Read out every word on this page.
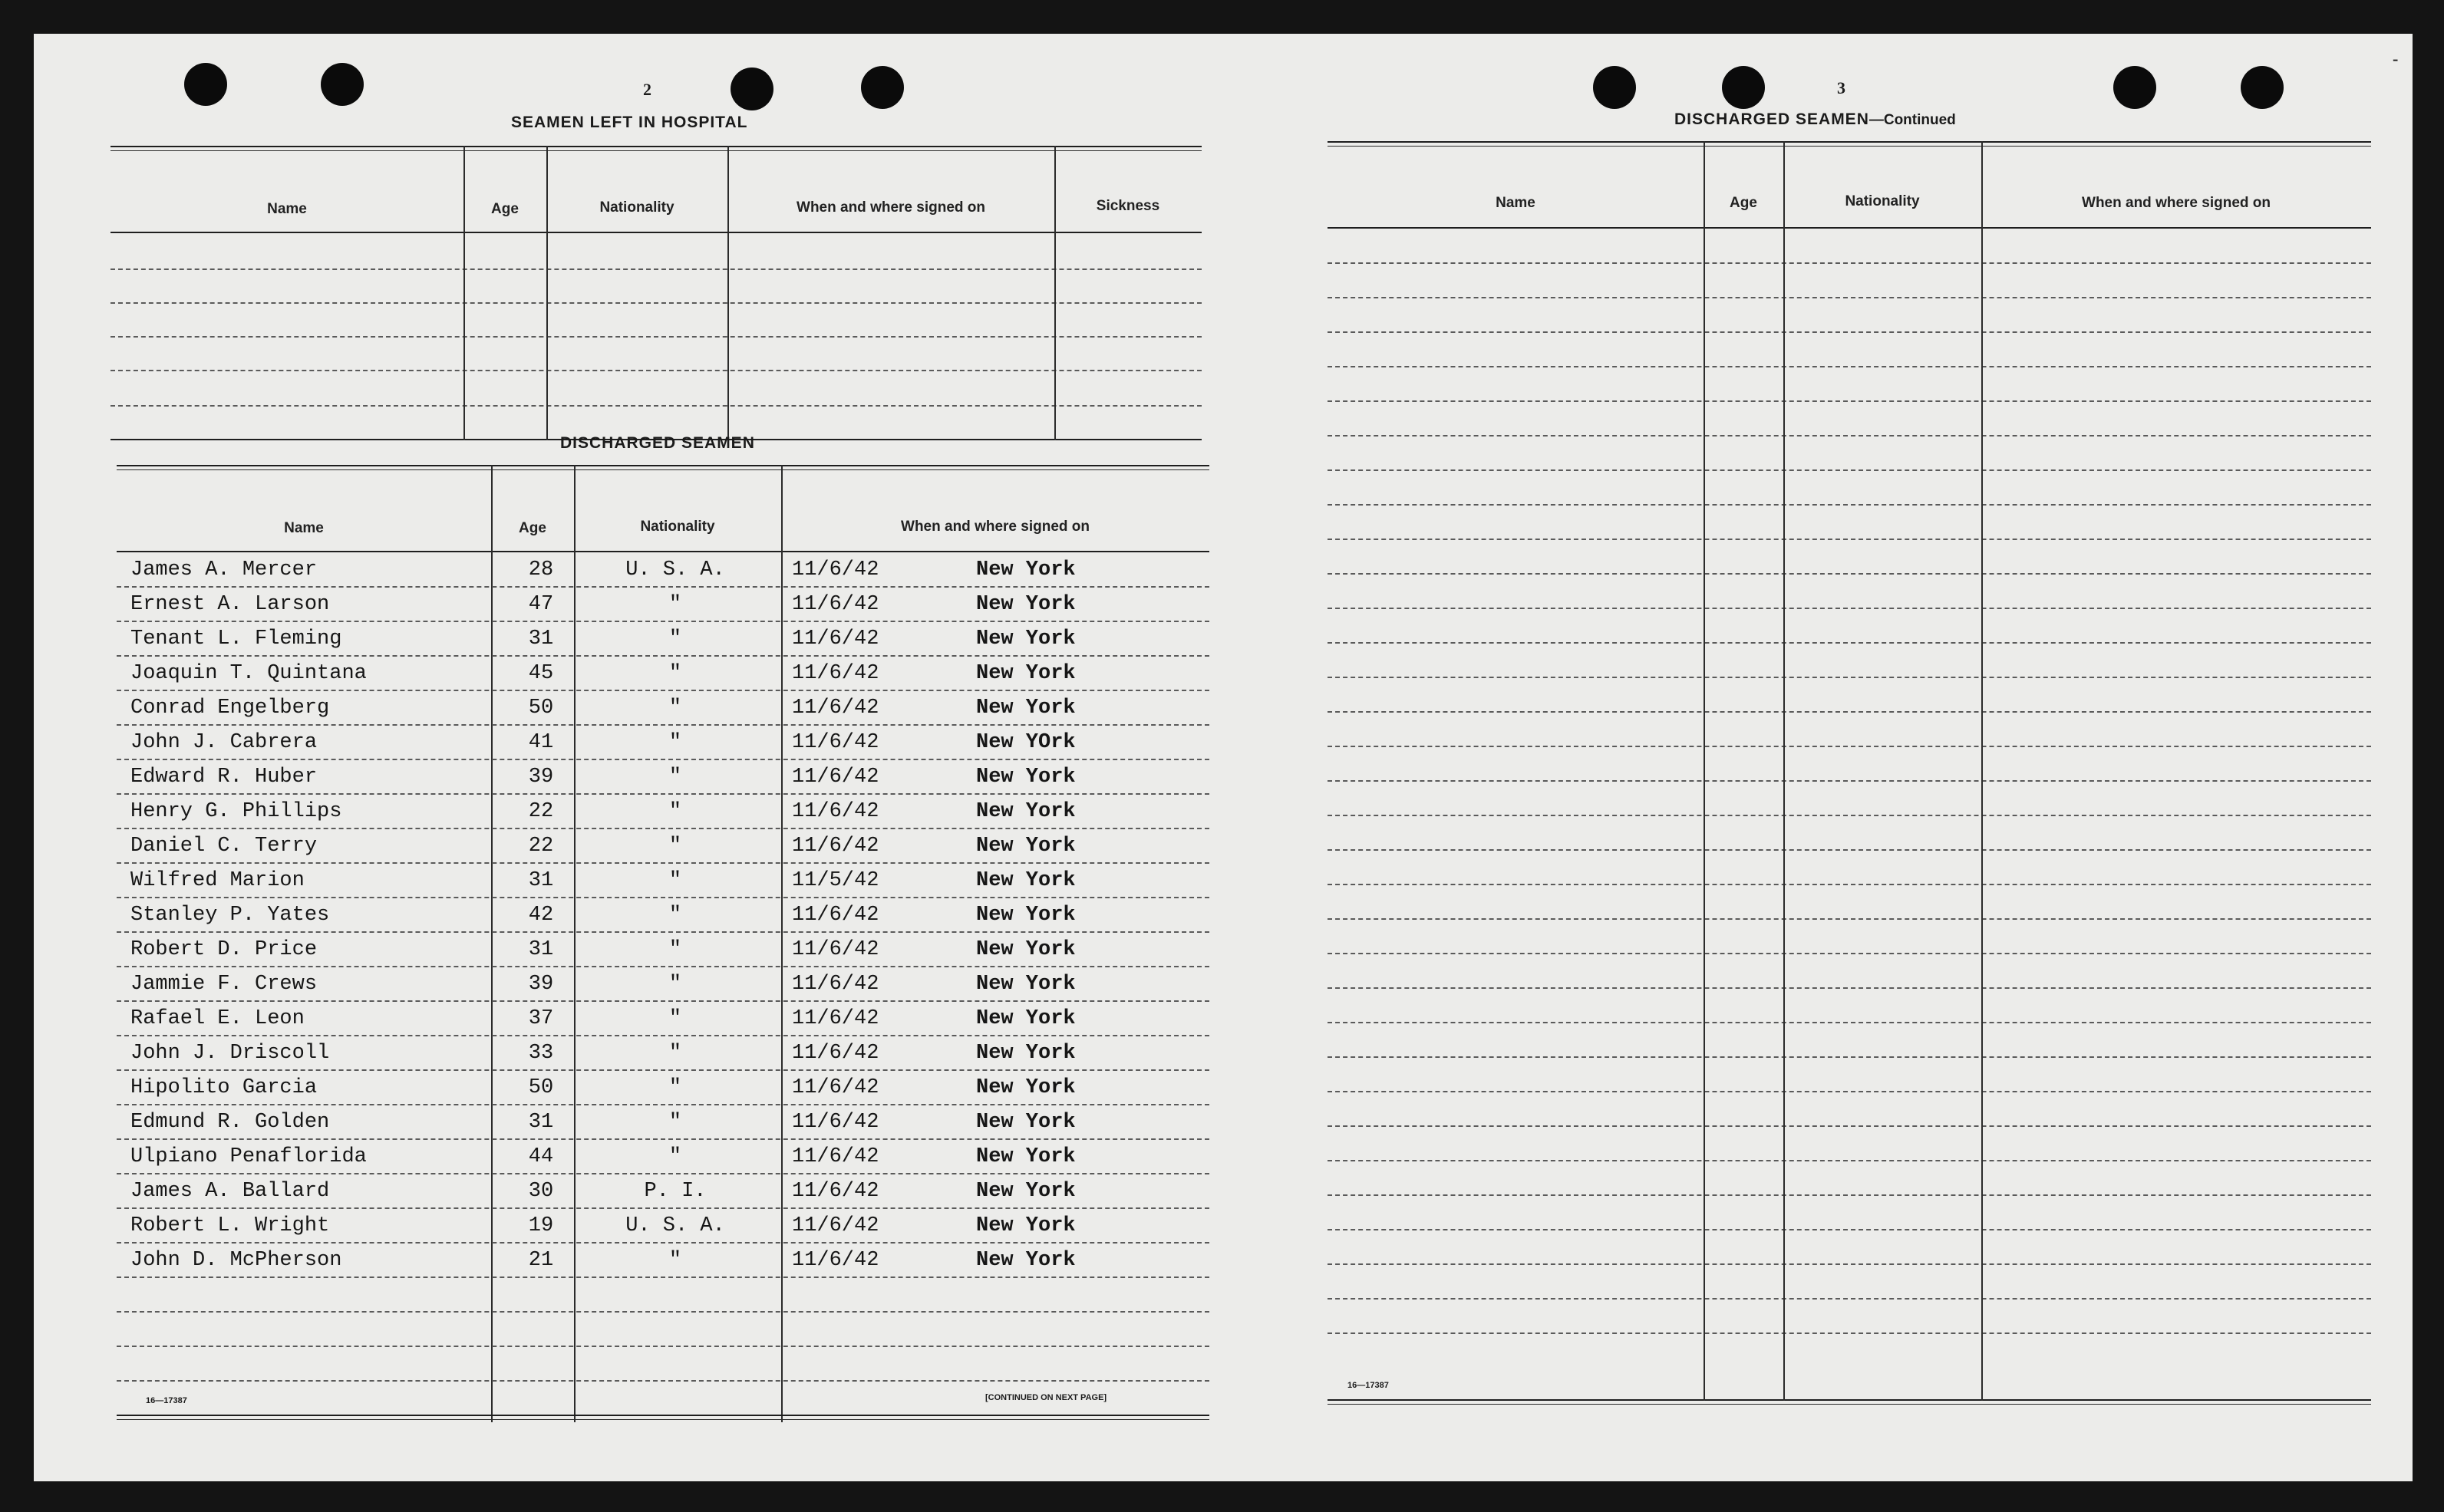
2
SEAMEN LEFT IN HOSPITAL
Name	Age	Nationality	When and where signed on	Sickness
DISCHARGED SEAMEN
Name	Age	Nationality	When and where signed on
James A. Mercer	28	U. S. A.	11/6/42	New York
Ernest A. Larson	47	"	11/6/42	New York
Tenant L. Fleming	31	"	11/6/42	New York
Joaquin T. Quintana	45	"	11/6/42	New York
Conrad Engelberg	50	"	11/6/42	New York
John J. Cabrera	41	"	11/6/42	New YOrk
Edward R. Huber	39	"	11/6/42	New York
Henry G. Phillips	22	"	11/6/42	New York
Daniel C. Terry	22	"	11/6/42	New York
Wilfred Marion	31	"	11/5/42	New York
Stanley P. Yates	42	"	11/6/42	New York
Robert D. Price	31	"	11/6/42	New York
Jammie F. Crews	39	"	11/6/42	New York
Rafael E. Leon	37	"	11/6/42	New York
John J. Driscoll	33	"	11/6/42	New York
Hipolito Garcia	50	"	11/6/42	New York
Edmund R. Golden	31	"	11/6/42	New York
Ulpiano Penaflorida	44	"	11/6/42	New York
James A. Ballard	30	P. I.	11/6/42	New York
Robert L. Wright	19	U. S. A.	11/6/42	New York
John D. McPherson	21	"	11/6/42	New York
16—17387	[CONTINUED ON NEXT PAGE]
3
DISCHARGED SEAMEN—Continued
Name	Age	Nationality	When and where signed on
16—17387
-
